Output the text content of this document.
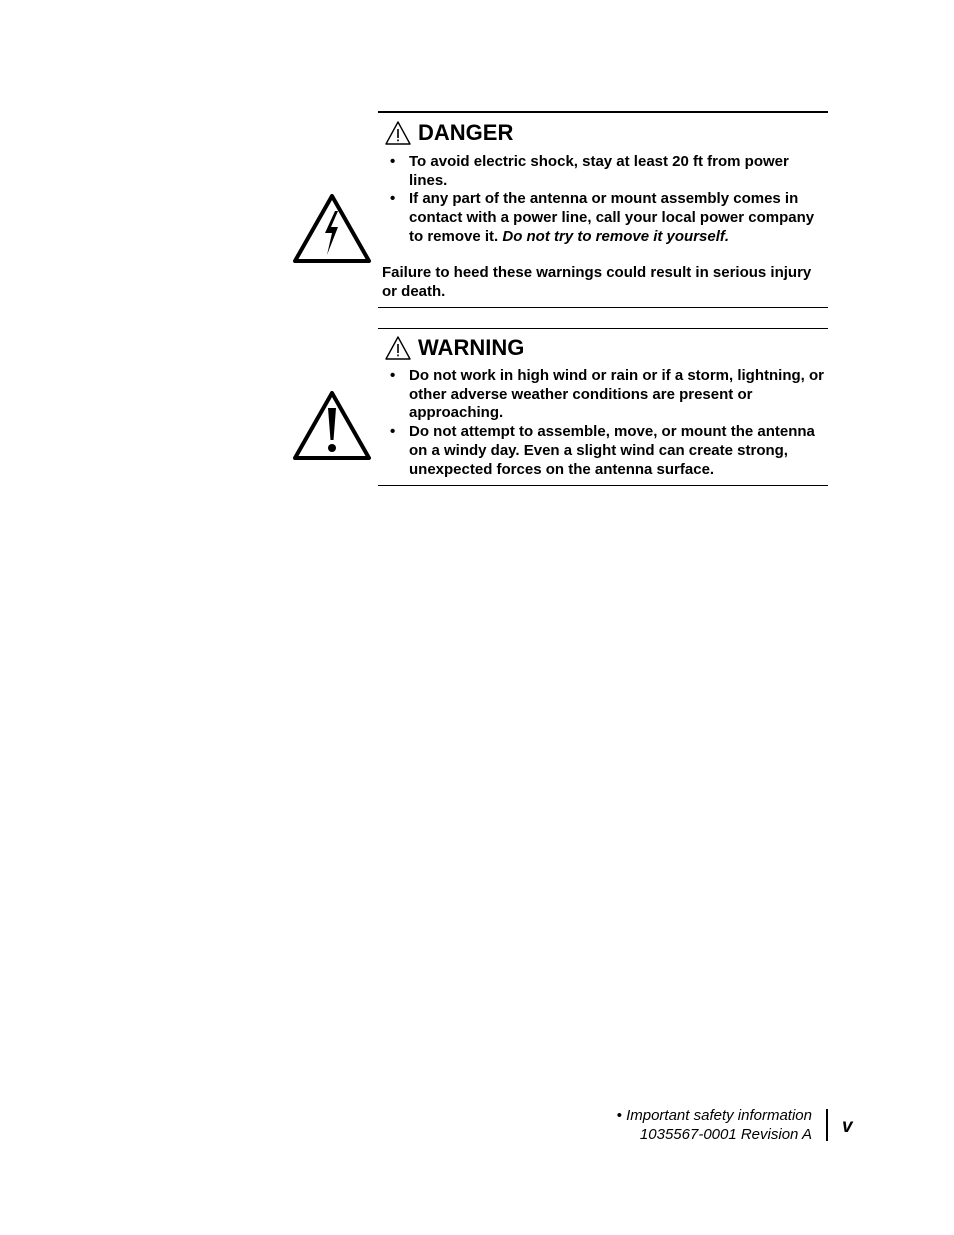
DANGER
• To avoid electric shock, stay at least 20 ft from power lines.
• If any part of the antenna or mount assembly comes in contact with a power line, call your local power company to remove it. Do not try to remove it yourself.
Failure to heed these warnings could result in serious injury or death.
WARNING
• Do not work in high wind or rain or if a storm, lightning, or other adverse weather conditions are present or approaching.
• Do not attempt to assemble, move, or mount the antenna on a windy day. Even a slight wind can create strong, unexpected forces on the antenna surface.
• Important safety information
1035567-0001 Revision A v
